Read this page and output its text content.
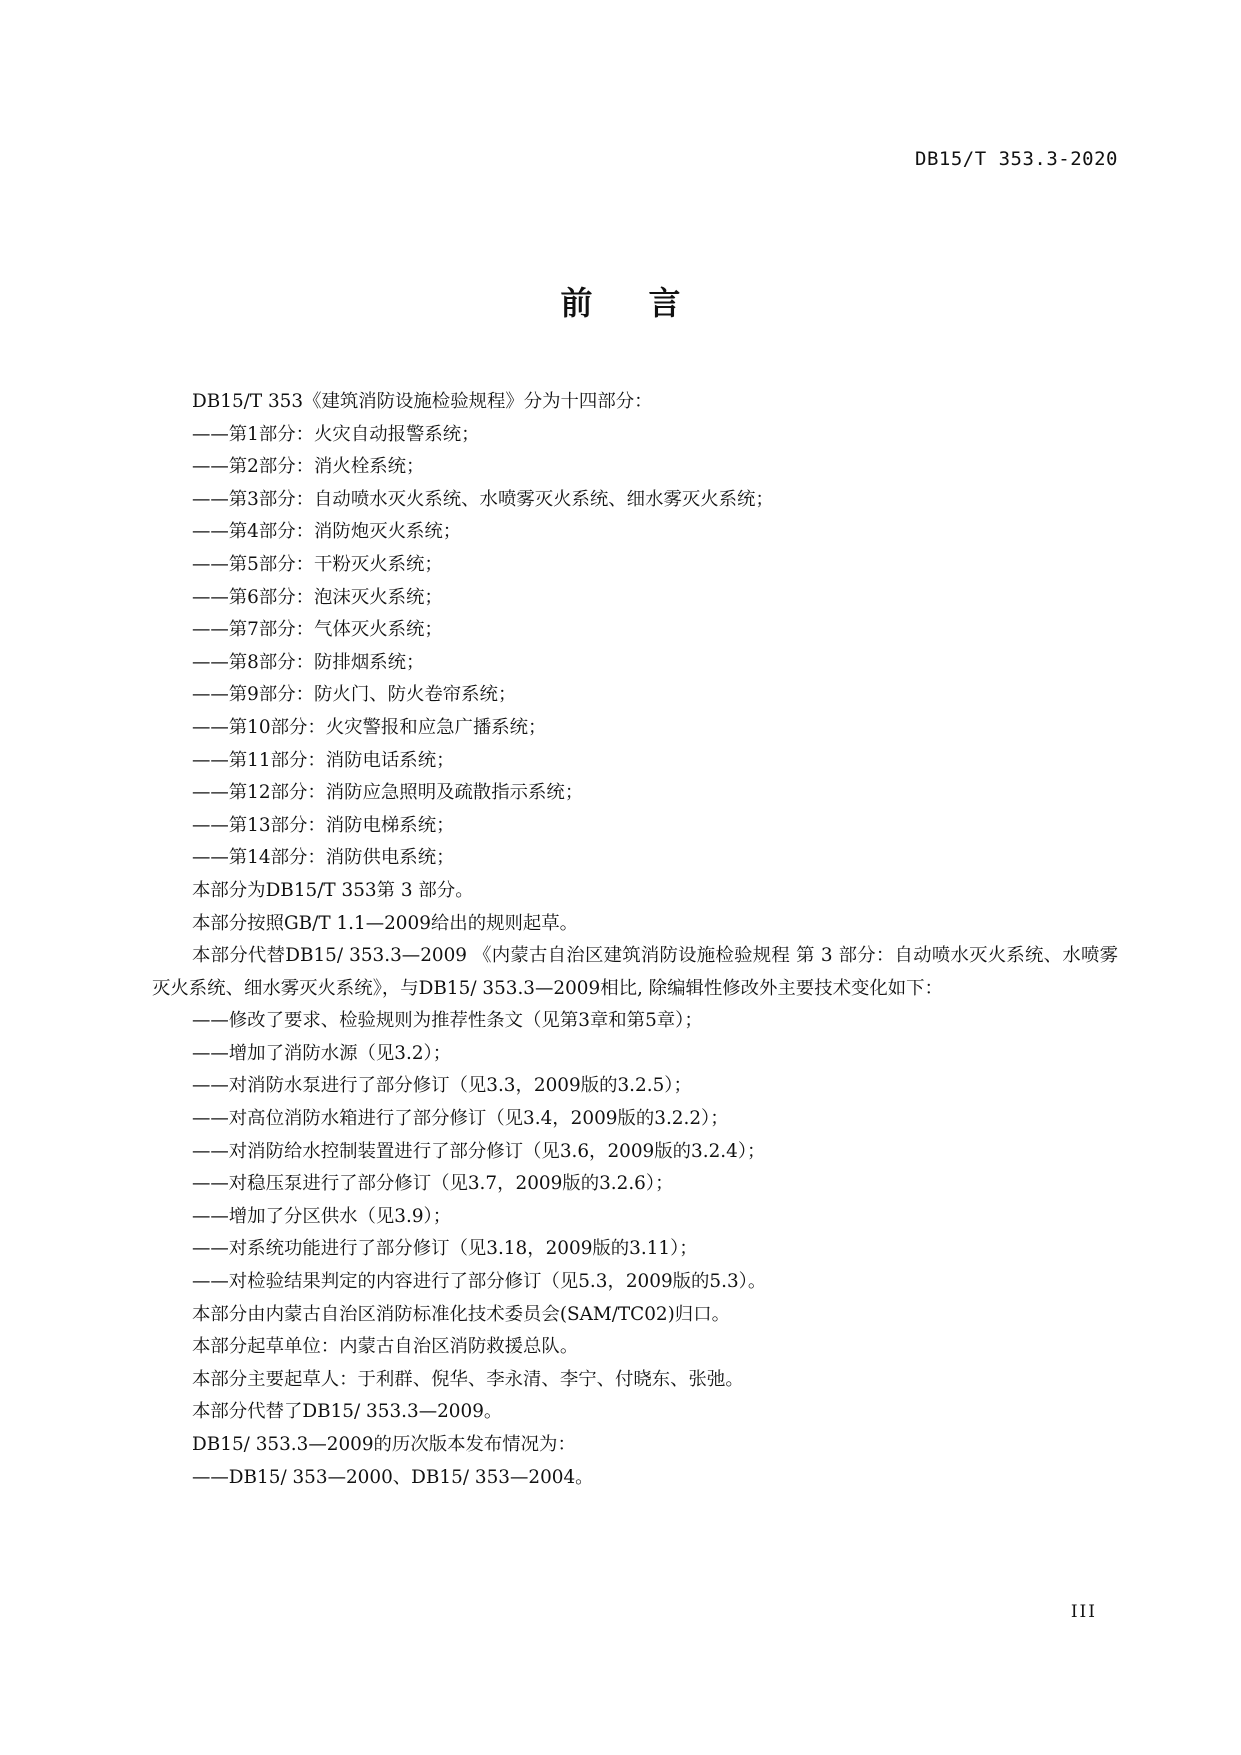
DB15/T 353.3-2020
前言

DB15/T 353《建筑消防设施检验规程》分为十四部分：

——第1部分：火灾自动报警系统；

——第2部分：消火栓系统；

——第3部分：自动喷水灭火系统、水喷雾灭火系统、细水雾灭火系统；

——第4部分：消防炮灭火系统；

——第5部分：干粉灭火系统；

——第6部分：泡沫灭火系统；

——第7部分：气体灭火系统；

——第8部分：防排烟系统；

——第9部分：防火门、防火卷帘系统；

——第10部分：火灾警报和应急广播系统；

——第11部分：消防电话系统；

——第12部分：消防应急照明及疏散指示系统；

——第13部分：消防电梯系统；

——第14部分：消防供电系统；

本部分为DB15/T 353第 3 部分。

本部分按照GB/T 1.1—2009给出的规则起草。

本部分代替DB15/ 353.3—2009 《内蒙古自治区建筑消防设施检验规程 第 3 部分：自动喷水灭火系统、水喷雾灭火系统、细水雾灭火系统》，与DB15/ 353.3—2009相比, 除编辑性修改外主要技术变化如下：

——修改了要求、检验规则为推荐性条文（见第3章和第5章）；

——增加了消防水源（见3.2）；

——对消防水泵进行了部分修订（见3.3，2009版的3.2.5）；

——对高位消防水箱进行了部分修订（见3.4，2009版的3.2.2）；

——对消防给水控制装置进行了部分修订（见3.6，2009版的3.2.4）；

——对稳压泵进行了部分修订（见3.7，2009版的3.2.6）；

——增加了分区供水（见3.9）；

——对系统功能进行了部分修订（见3.18，2009版的3.11）；

——对检验结果判定的内容进行了部分修订（见5.3，2009版的5.3）。

本部分由内蒙古自治区消防标准化技术委员会(SAM/TC02)归口。

本部分起草单位：内蒙古自治区消防救援总队。

本部分主要起草人：于利群、倪华、李永清、李宁、付晓东、张弛。

本部分代替了DB15/ 353.3—2009。

DB15/ 353.3—2009的历次版本发布情况为：

——DB15/ 353—2000、DB15/ 353—2004。

III
